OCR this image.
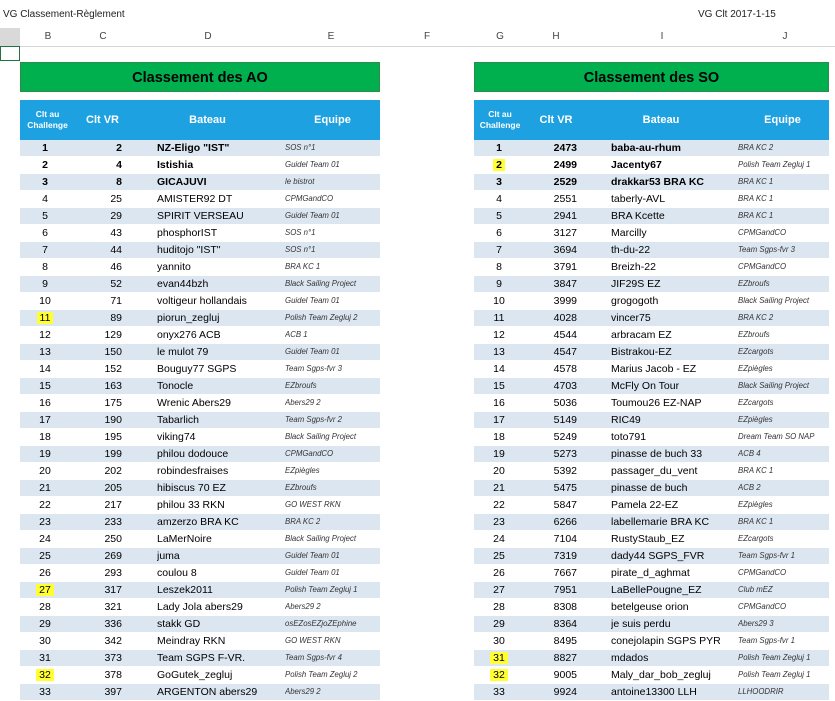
VG Classement-Règlement	VG Clt 2017-1-15
B	C	D	E	F	G	H	I	J
Classement des AO
Clt au Challenge	Clt VR	Bateau	Equipe
1	2	NZ-Eligo "IST"	SOS n°1
2	4	Istishia	Guidel Team 01
3	8	GICAJUVI	le bistrot
4	25	AMISTER92 DT	CPMGandCO
5	29	SPIRIT VERSEAU	Guidel Team 01
6	43	phosphorIST	SOS n°1
7	44	huditojo "IST"	SOS n°1
8	46	yannito	BRA KC 1
9	52	evan44bzh	Black Sailing Project
10	71	voltigeur hollandais	Guidel Team 01
11	89	piorun_zegluj	Polish Team Zegluj 2
12	129	onyx276 ACB	ACB 1
13	150	le mulot 79	Guidel Team 01
14	152	Bouguy77 SGPS	Team Sgps-fvr 3
15	163	Tonocle	EZbroufs
16	175	Wrenic Abers29	Abers29 2
17	190	Tabarlich	Team Sgps-fvr 2
18	195	viking74	Black Sailing Project
19	199	philou dodouce	CPMGandCO
20	202	robindesfraises	EZpiègles
21	205	hibiscus 70 EZ	EZbroufs
22	217	philou 33 RKN	GO WEST RKN
23	233	amzerzo BRA KC	BRA KC 2
24	250	LaMerNoire	Black Sailing Project
25	269	juma	Guidel Team 01
26	293	coulou 8	Guidel Team 01
27	317	Leszek2011	Polish Team Zegluj 1
28	321	Lady Jola abers29	Abers29 2
29	336	stakk GD	osEZosEZjoZEphine
30	342	Meindray RKN	GO WEST RKN
31	373	Team SGPS F-VR.	Team Sgps-fvr 4
32	378	GoGutek_zegluj	Polish Team Zegluj 2
33	397	ARGENTON abers29	Abers29 2
Classement des SO
Clt au Challenge	Clt VR	Bateau	Equipe
1	2473	baba-au-rhum	BRA KC 2
2	2499	Jacenty67	Polish Team Zegluj 1
3	2529	drakkar53 BRA KC	BRA KC 1
4	2551	taberly-AVL	BRA KC 1
5	2941	BRA Kcette	BRA KC 1
6	3127	Marcilly	CPMGandCO
7	3694	th-du-22	Team Sgps-fvr 3
8	3791	Breizh-22	CPMGandCO
9	3847	JIF29S EZ	EZbroufs
10	3999	grogogoth	Black Sailing Project
11	4028	vincer75	BRA KC 2
12	4544	arbracam EZ	EZbroufs
13	4547	Bistrakou-EZ	EZcargots
14	4578	Marius Jacob - EZ	EZpiègles
15	4703	McFly On Tour	Black Sailing Project
16	5036	Toumou26 EZ-NAP	EZcargots
17	5149	RIC49	EZpiègles
18	5249	toto791	Dream Team SO NAP
19	5273	pinasse de buch 33	ACB 4
20	5392	passager_du_vent	BRA KC 1
21	5475	pinasse de buch	ACB 2
22	5847	Pamela 22-EZ	EZpiègles
23	6266	labellemarie BRA KC	BRA KC 1
24	7104	RustyStaub_EZ	EZcargots
25	7319	dady44 SGPS_FVR	Team Sgps-fvr 1
26	7667	pirate_d_aghmat	CPMGandCO
27	7951	LaBellePougne_EZ	Club mEZ
28	8308	betelgeuse orion	CPMGandCO
29	8364	je suis perdu	Abers29 3
30	8495	conejolapin SGPS PYR	Team Sgps-fvr 1
31	8827	mdados	Polish Team Zegluj 1
32	9005	Maly_dar_bob_zegluj	Polish Team Zegluj 1
33	9924	antoine13300 LLH	LLHOODRIR
